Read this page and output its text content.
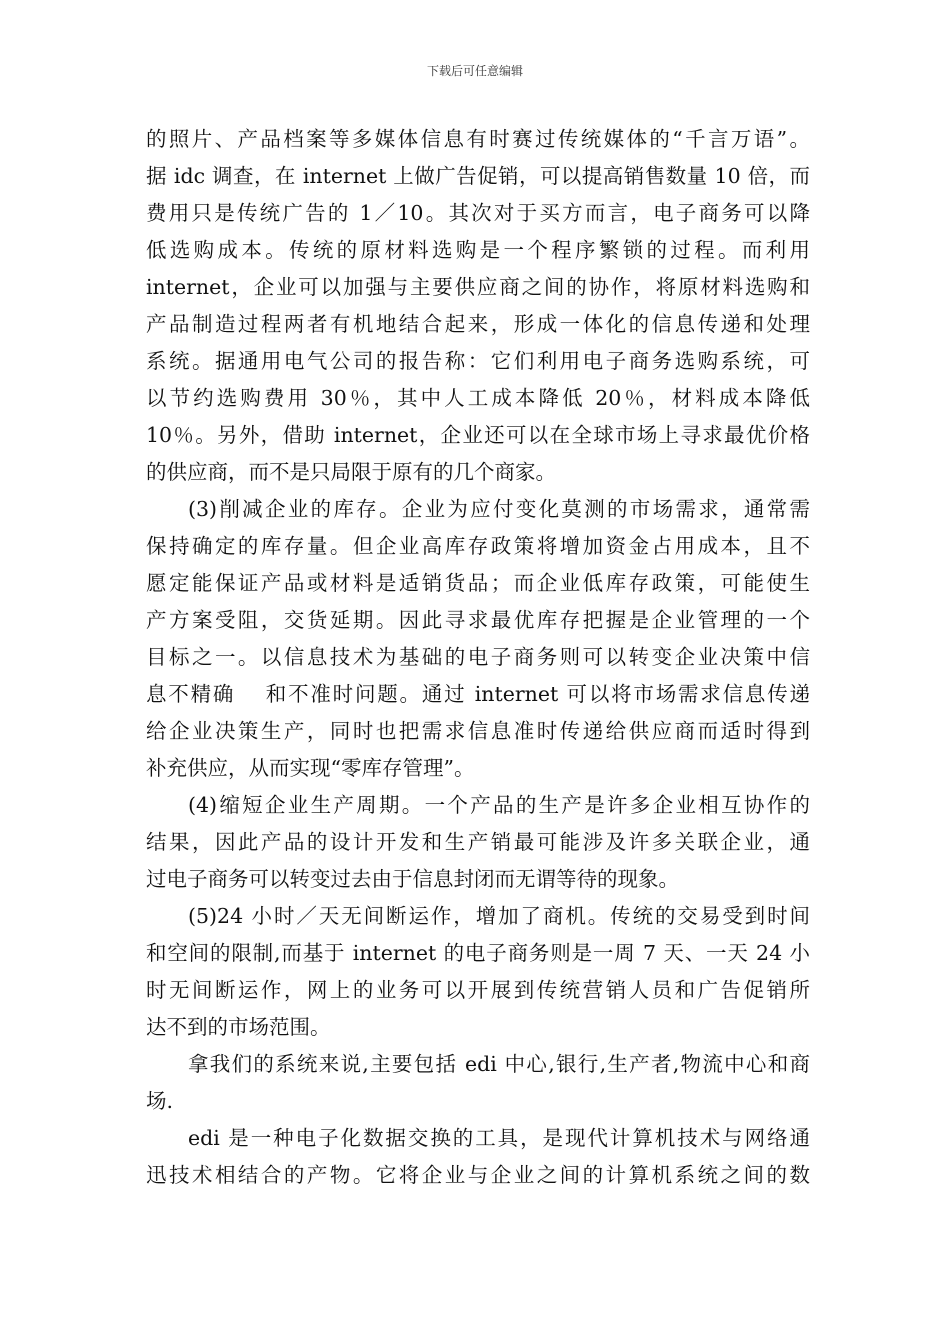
下载后可任意编辑
的照片、产品档案等多媒体信息有时赛过传统媒体的“千言万语”。
据 idc 调查，在 internet 上做广告促销，可以提高销售数量 10 倍，而
费用只是传统广告的 1／10。其次对于买方而言，电子商务可以降
低选购成本。传统的原材料选购是一个程序繁锁的过程。而利用
internet，企业可以加强与主要供应商之间的协作，将原材料选购和
产品制造过程两者有机地结合起来，形成一体化的信息传递和处理
系统。据通用电气公司的报告称：它们利用电子商务选购系统，可
以节约选购费用 30％，其中人工成本降低 20％，材料成本降低
10％。另外，借助 internet，企业还可以在全球市场上寻求最优价格
的供应商，而不是只局限于原有的几个商家。
(3)削减企业的库存。企业为应付变化莫测的市场需求，通常需
保持确定的库存量。但企业高库存政策将增加资金占用成本，且不
愿定能保证产品或材料是适销货品；而企业低库存政策，可能使生
产方案受阻，交货延期。因此寻求最优库存把握是企业管理的一个
目标之一。以信息技术为基础的电子商务则可以转变企业决策中信
息不精确　 和不准时问题。通过 internet 可以将市场需求信息传递
给企业决策生产，同时也把需求信息准时传递给供应商而适时得到
补充供应，从而实现“零库存管理”。
(4)缩短企业生产周期。一个产品的生产是许多企业相互协作的
结果，因此产品的设计开发和生产销最可能涉及许多关联企业，通
过电子商务可以转变过去由于信息封闭而无谓等待的现象。
(5)24 小时／天无间断运作，增加了商机。传统的交易受到时间
和空间的限制,而基于 internet 的电子商务则是一周 7 天、一天 24 小
时无间断运作，网上的业务可以开展到传统营销人员和广告促销所
达不到的市场范围。
拿我们的系统来说,主要包括 edi 中心,银行,生产者,物流中心和商
场.
edi 是一种电子化数据交换的工具，是现代计算机技术与网络通
迅技术相结合的产物。它将企业与企业之间的计算机系统之间的数
